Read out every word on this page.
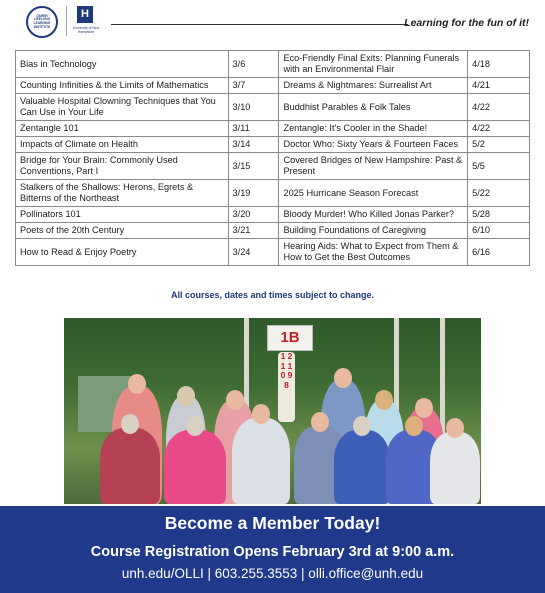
OSHER LIFELONG LEARNING INSTITUTE
H
University of New Hampshire
Learning for the fun of it!
Bias in Technology	3/6	Eco-Friendly Final Exits: Planning Funerals with an Environmental Flair	4/18
Counting Infinities & the Limits of Mathematics	3/7	Dreams & Nightmares: Surrealist Art	4/21
Valuable Hospital Clowning Techniques that You Can Use in Your Life	3/10	Buddhist Parables & Folk Tales	4/22
Zentangle 101	3/11	Zentangle: It's Cooler in the Shade!	4/22
Impacts of Climate on Health	3/14	Doctor Who: Sixty Years & Fourteen Faces	5/2
Bridge for Your Brain: Commonly Used Conventions, Part I	3/15	Covered Bridges of New Hampshire: Past & Present	5/5
Stalkers of the Shallows: Herons, Egrets & Bitterns of the Northeast	3/19	2025 Hurricane Season Forecast	5/22
Pollinators 101	3/20	Bloody Murder! Who Killed Jonas Parker?	5/28
Poets of the 20th Century	3/21	Building Foundations of Caregiving	6/10
How to Read & Enjoy Poetry	3/24	Hearing Aids: What to Expect from Them & How to Get the Best Outcomes	6/16
All courses, dates and times subject to change.
1B
1 2 1 1 0 9 8
Become a Member Today!
Course Registration Opens February 3rd at 9:00 a.m.
unh.edu/OLLI | 603.255.3553 | olli.office@unh.edu
